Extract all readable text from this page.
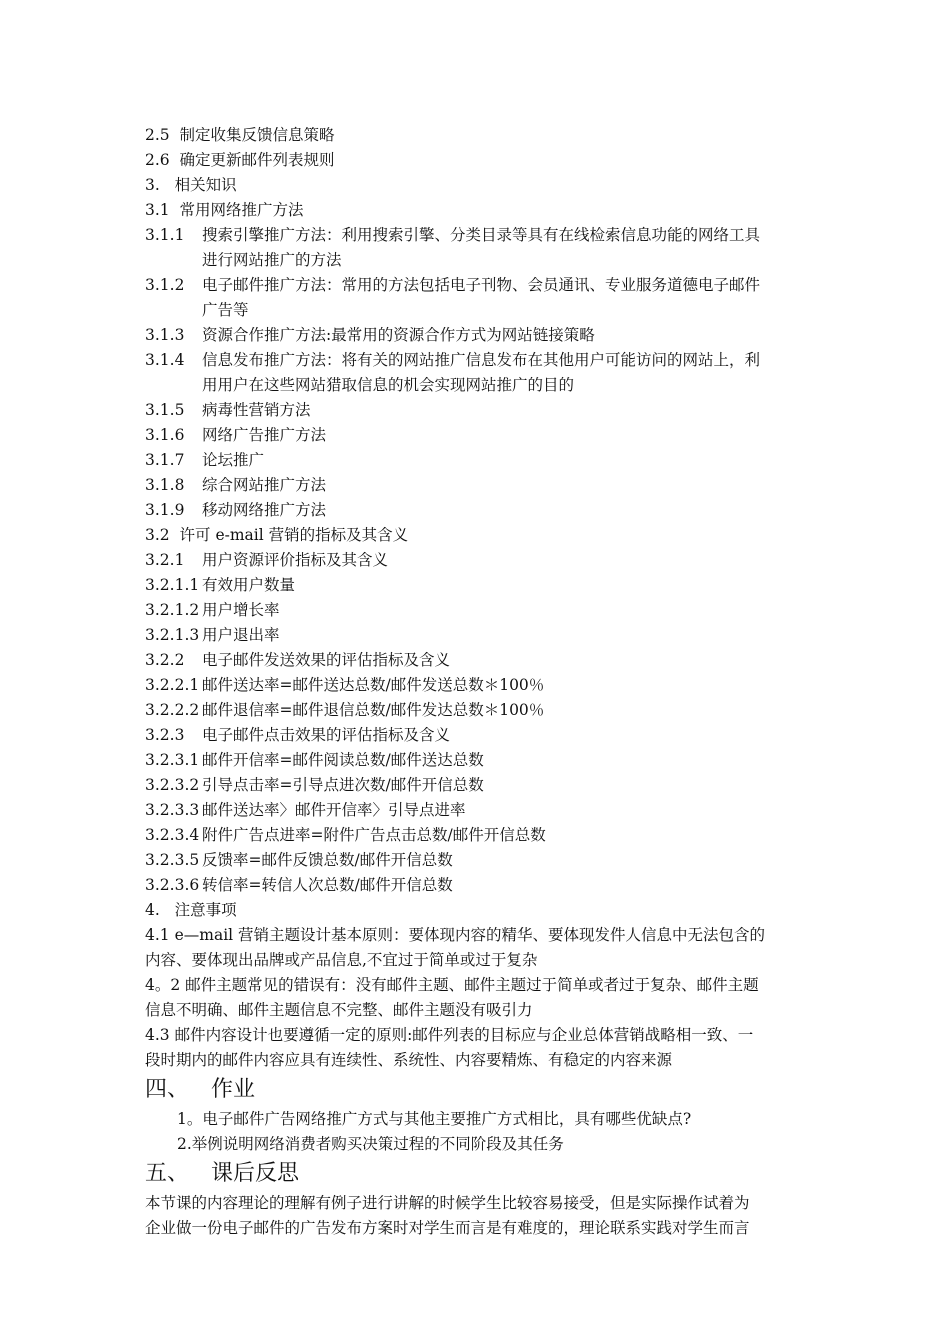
2.5 制定收集反馈信息策略
2.6 确定更新邮件列表规则
3. 相关知识
3.1 常用网络推广方法
3.1.1	搜索引擎推广方法：利用搜索引擎、分类目录等具有在线检索信息功能的网络工具
进行网站推广的方法
3.1.2	电子邮件推广方法：常用的方法包括电子刊物、会员通讯、专业服务道德电子邮件
广告等
3.1.3	资源合作推广方法:最常用的资源合作方式为网站链接策略
3.1.4	信息发布推广方法：将有关的网站推广信息发布在其他用户可能访问的网站上，利
用用户在这些网站猎取信息的机会实现网站推广的目的
3.1.5	病毒性营销方法
3.1.6	网络广告推广方法
3.1.7	论坛推广
3.1.8	综合网站推广方法
3.1.9	移动网络推广方法
3.2 许可 e-mail 营销的指标及其含义
3.2.1	用户资源评价指标及其含义
3.2.1.1 有效用户数量
3.2.1.2 用户增长率
3.2.1.3 用户退出率
3.2.2	电子邮件发送效果的评估指标及含义
3.2.2.1 邮件送达率=邮件送达总数/邮件发送总数＊100％
3.2.2.2 邮件退信率=邮件退信总数/邮件发达总数＊100％
3.2.3	电子邮件点击效果的评估指标及含义
3.2.3.1 邮件开信率=邮件阅读总数/邮件送达总数
3.2.3.2 引导点击率=引导点进次数/邮件开信总数
3.2.3.3 邮件送达率〉邮件开信率〉引导点进率
3.2.3.4 附件广告点进率=附件广告点击总数/邮件开信总数
3.2.3.5 反馈率=邮件反馈总数/邮件开信总数
3.2.3.6 转信率=转信人次总数/邮件开信总数
4. 注意事项
4.1 e—mail 营销主题设计基本原则：要体现内容的精华、要体现发件人信息中无法包含的
内容、要体现出品牌或产品信息,不宜过于简单或过于复杂
4。2 邮件主题常见的错误有：没有邮件主题、邮件主题过于简单或者过于复杂、邮件主题
信息不明确、邮件主题信息不完整、邮件主题没有吸引力
4.3 邮件内容设计也要遵循一定的原则:邮件列表的目标应与企业总体营销战略相一致、一
段时期内的邮件内容应具有连续性、系统性、内容要精炼、有稳定的内容来源
四、 作业
1。电子邮件广告网络推广方式与其他主要推广方式相比，具有哪些优缺点?
2.举例说明网络消费者购买决策过程的不同阶段及其任务
五、 课后反思
本节课的内容理论的理解有例子进行讲解的时候学生比较容易接受，但是实际操作试着为
企业做一份电子邮件的广告发布方案时对学生而言是有难度的，理论联系实践对学生而言
